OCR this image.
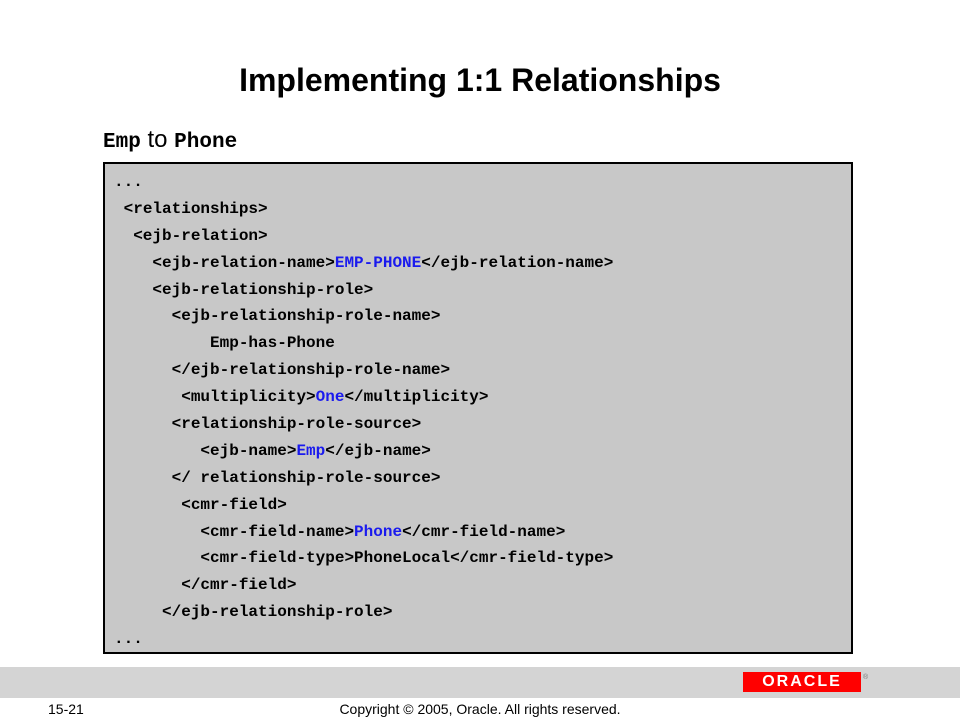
Implementing 1:1 Relationships
Emp to Phone
...
<relationships>
<ejb-relation>
<ejb-relation-name>EMP-PHONE</ejb-relation-name>
<ejb-relationship-role>
<ejb-relationship-role-name>
Emp-has-Phone
</ejb-relationship-role-name>
<multiplicity>One</multiplicity>
<relationship-role-source>
<ejb-name>Emp</ejb-name>
</ relationship-role-source>
<cmr-field>
<cmr-field-name>Phone</cmr-field-name>
<cmr-field-type>PhoneLocal</cmr-field-type>
</cmr-field>
</ejb-relationship-role>
...
ORACLE	®
15-21	Copyright © 2005, Oracle. All rights reserved.
